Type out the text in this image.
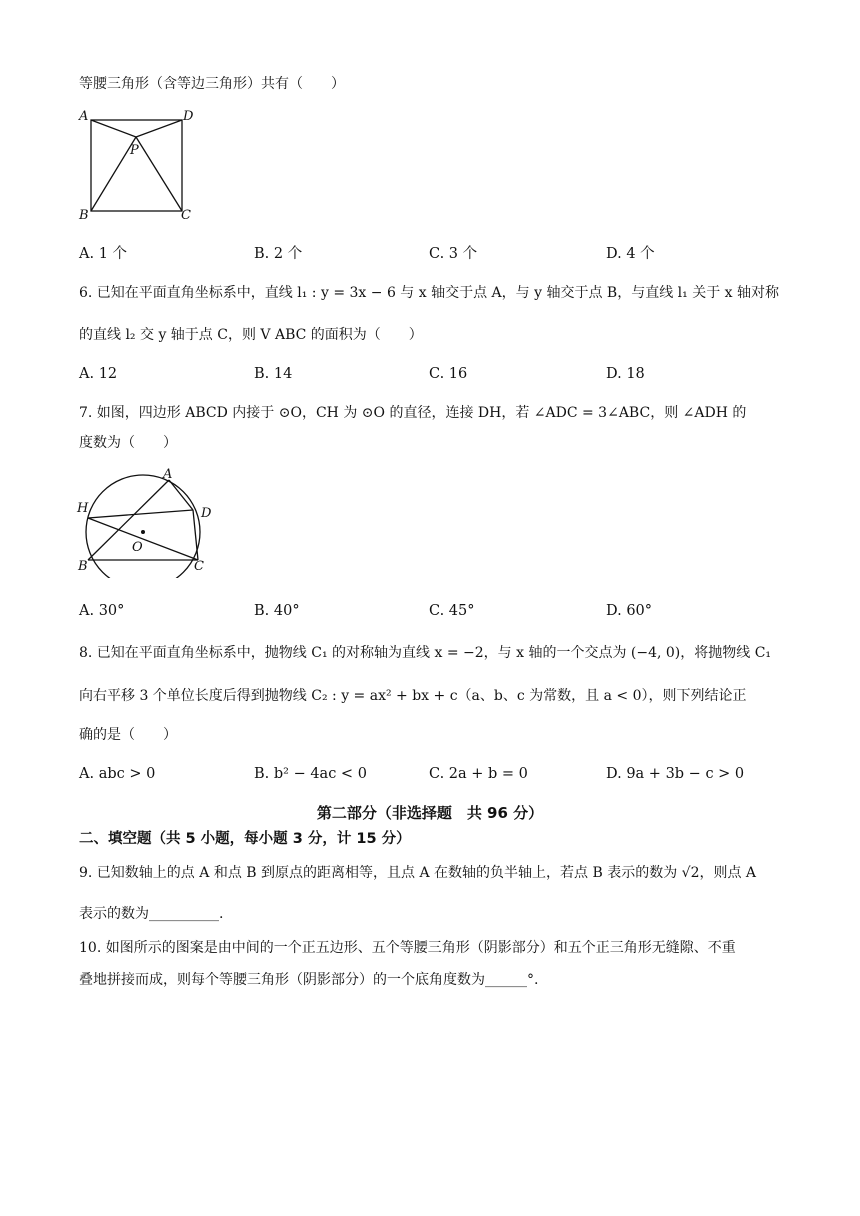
等腰三角形（含等边三角形）共有（　　）
A	D
P
B	C
A. 1 个	B. 2 个	C. 3 个	D. 4 个
6. 已知在平面直角坐标系中，直线 l₁ : y = 3x − 6 与 x 轴交于点 A，与 y 轴交于点 B，与直线 l₁ 关于 x 轴对称
的直线 l₂ 交 y 轴于点 C，则 V ABC 的面积为（　　）
A. 12	B. 14	C. 16	D. 18
7. 如图，四边形 ABCD 内接于 ⊙O，CH 为 ⊙O 的直径，连接 DH，若 ∠ADC = 3∠ABC，则 ∠ADH 的
度数为（　　）
A
H	D
O
B	C
A. 30°	B. 40°	C. 45°	D. 60°
8. 已知在平面直角坐标系中，抛物线 C₁ 的对称轴为直线 x = −2，与 x 轴的一个交点为 (−4, 0)，将抛物线 C₁
向右平移 3 个单位长度后得到抛物线 C₂ : y = ax² + bx + c（a、b、c 为常数，且 a < 0），则下列结论正
确的是（　　）
A. abc > 0	B. b² − 4ac < 0	C. 2a + b = 0	D. 9a + 3b − c > 0
第二部分（非选择题　共 96 分）
二、填空题（共 5 小题，每小题 3 分，计 15 分）
9. 已知数轴上的点 A 和点 B 到原点的距离相等，且点 A 在数轴的负半轴上，若点 B 表示的数为 √2，则点 A
表示的数为__________.
10. 如图所示的图案是由中间的一个正五边形、五个等腰三角形（阴影部分）和五个正三角形无缝隙、不重
叠地拼接而成，则每个等腰三角形（阴影部分）的一个底角度数为______°.
